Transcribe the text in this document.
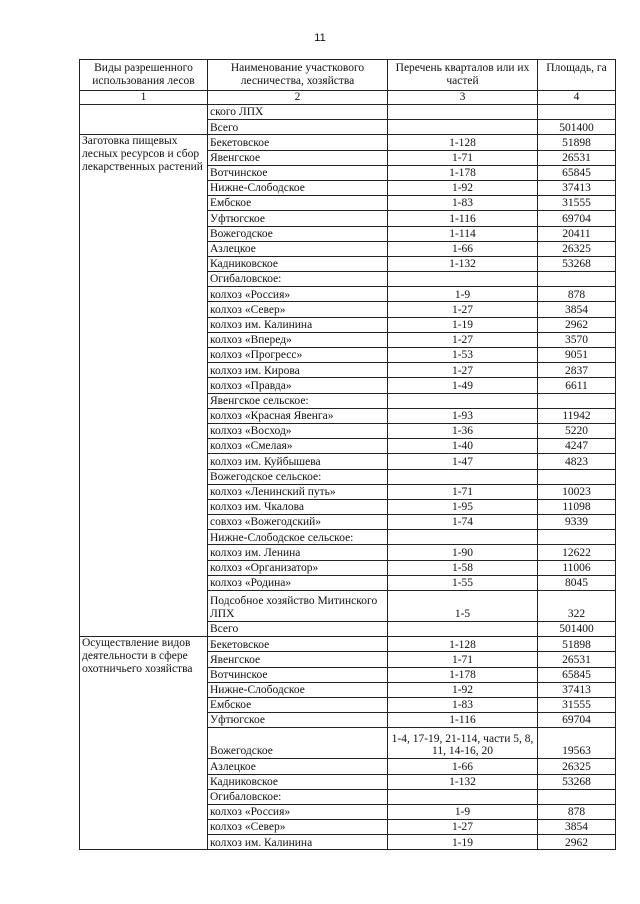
11
Виды разрешенного использования лесов	Наименование участкового лесничества, хозяйства	Перечень кварталов или их частей	Площадь, га
1	2	3	4
	ского ЛПХ		
	Всего		501400
Заготовка пищевых лесных ресурсов и сбор лекарственных растений	Бекетовское	1-128	51898
	Явенгское	1-71	26531
	Вотчинское	1-178	65845
	Нижне-Слободское	1-92	37413
	Ембское	1-83	31555
	Уфтюгское	1-116	69704
	Вожегодское	1-114	20411
	Азлецкое	1-66	26325
	Кадниковское	1-132	53268
	Огибаловское:		
	колхоз «Россия»	1-9	878
	колхоз «Север»	1-27	3854
	колхоз им. Калинина	1-19	2962
	колхоз «Вперед»	1-27	3570
	колхоз «Прогресс»	1-53	9051
	колхоз им. Кирова	1-27	2837
	колхоз «Правда»	1-49	6611
	Явенгское сельское:		
	колхоз «Красная Явенга»	1-93	11942
	колхоз «Восход»	1-36	5220
	колхоз «Смелая»	1-40	4247
	колхоз им. Куйбышева	1-47	4823
	Вожегодское сельское:		
	колхоз «Ленинский путь»	1-71	10023
	колхоз им. Чкалова	1-95	11098
	совхоз «Вожегодский»	1-74	9339
	Нижне-Слободское сельское:		
	колхоз им. Ленина	1-90	12622
	колхоз «Организатор»	1-58	11006
	колхоз «Родина»	1-55	8045
	Подсобное хозяйство Митинского ЛПХ	1-5	322
	Всего		501400
Осуществление видов деятельности в сфере охотничьего хозяйства	Бекетовское	1-128	51898
	Явенгское	1-71	26531
	Вотчинское	1-178	65845
	Нижне-Слободское	1-92	37413
	Ембское	1-83	31555
	Уфтюгское	1-116	69704
	Вожегодское	1-4, 17-19, 21-114, части 5, 8, 11, 14-16, 20	19563
	Азлецкое	1-66	26325
	Кадниковское	1-132	53268
	Огибаловское:		
	колхоз «Россия»	1-9	878
	колхоз «Север»	1-27	3854
	колхоз им. Калинина	1-19	2962
